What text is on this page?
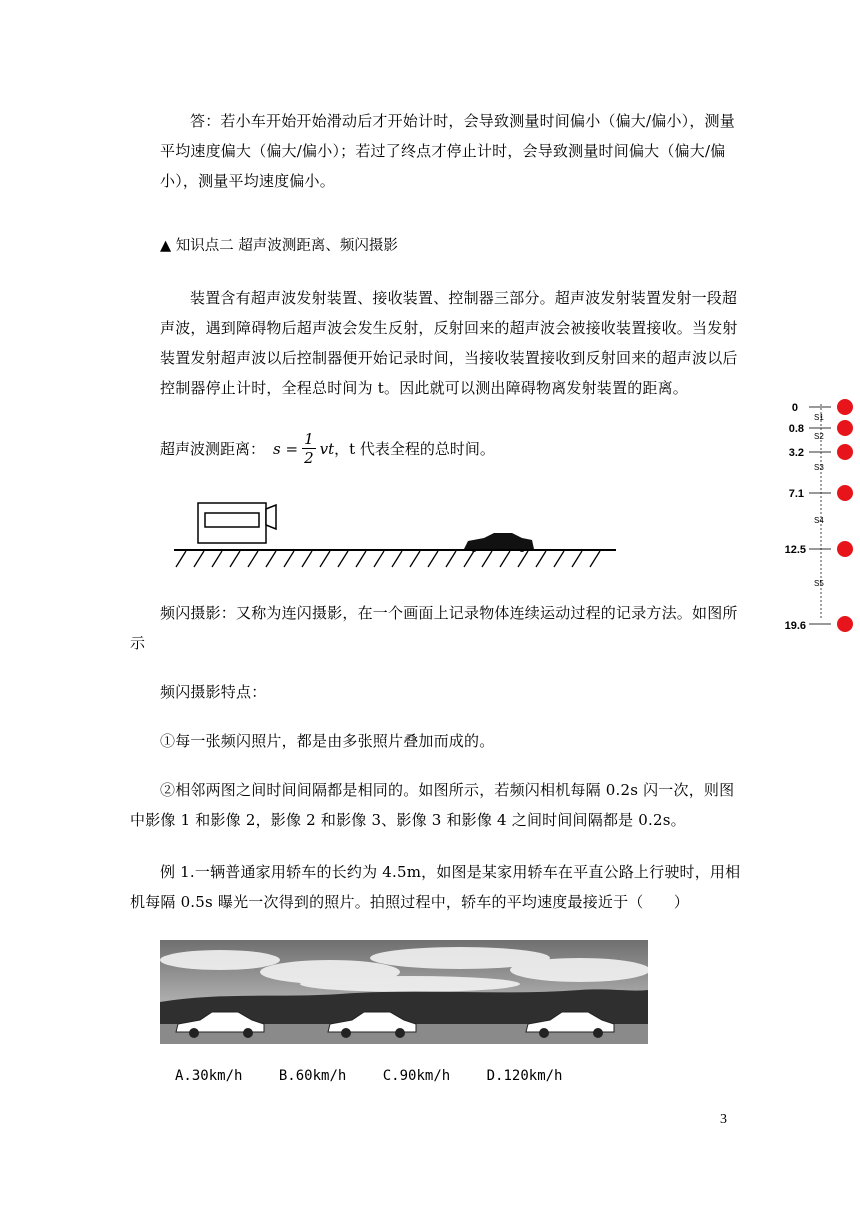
答：若小车开始开始滑动后才开始计时，会导致测量时间偏小（偏大/偏小），测量平均速度偏大（偏大/偏小）；若过了终点才停止计时，会导致测量时间偏大（偏大/偏小），测量平均速度偏小。
▲ 知识点二 超声波测距离、频闪摄影
装置含有超声波发射装置、接收装置、控制器三部分。超声波发射装置发射一段超声波，遇到障碍物后超声波会发生反射，反射回来的超声波会被接收装置接收。当发射装置发射超声波以后控制器便开始记录时间，当接收装置接收到反射回来的超声波以后控制器停止计时，全程总时间为 t。因此就可以测出障碍物离发射装置的距离。
超声波测距离： $s = \frac{1}{2}$ vt ，t 代表全程的总时间。
频闪摄影：又称为连闪摄影，在一个画面上记录物体连续运动过程的记录方法。如图所示
频闪摄影特点：
①每一张频闪照片，都是由多张照片叠加而成的。
②相邻两图之间时间间隔都是相同的。如图所示，若频闪相机每隔 0.2s 闪一次，则图中影像 1 和影像 2，影像 2 和影像 3、影像 3 和影像 4 之间时间间隔都是 0.2s。
例 1.一辆普通家用轿车的长约为 4.5m，如图是某家用轿车在平直公路上行驶时，用相机每隔 0.5s 曝光一次得到的照片。拍照过程中，轿车的平均速度最接近于（　　）
A.30km/h	B.60km/h	C.90km/h	D.120km/h
3
0
0.8
3.2
7.1
12.5
19.6
S1
S2
S3
S4
S5
